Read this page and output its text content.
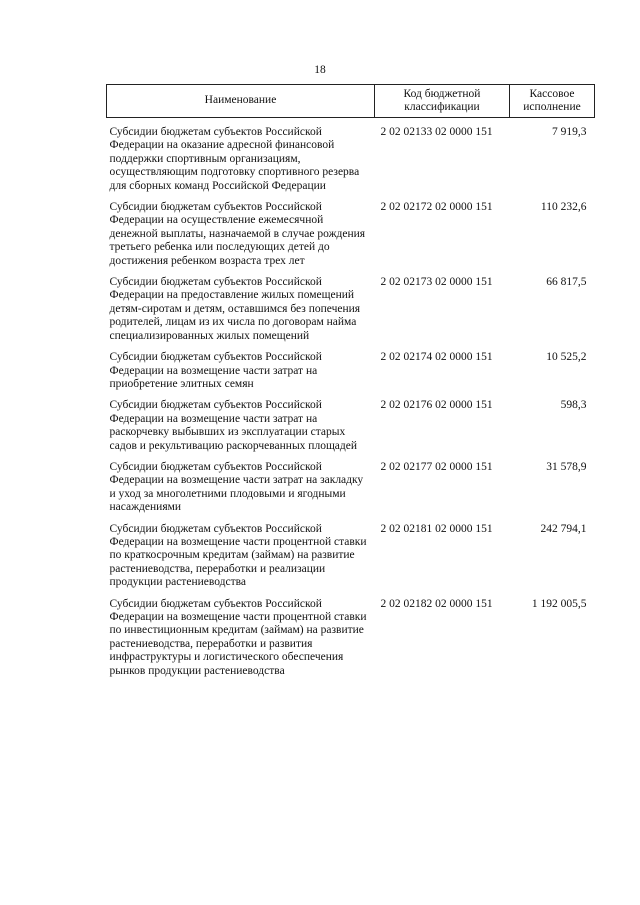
18
Наименование	Код бюджетной классификации	Кассовое исполнение
Субсидии бюджетам субъектов Российской Федерации на оказание адресной финансовой поддержки спортивным организациям, осуществляющим подготовку спортивного резерва для сборных команд Российской Федерации	2 02 02133 02 0000 151	7 919,3
Субсидии бюджетам субъектов Российской Федерации на осуществление ежемесячной денежной выплаты, назначаемой в случае рождения третьего ребенка или последующих детей до достижения ребенком возраста трех лет	2 02 02172 02 0000 151	110 232,6
Субсидии бюджетам субъектов Российской Федерации на предоставление жилых помещений детям-сиротам и детям, оставшимся без попечения родителей, лицам из их числа по договорам найма специализированных жилых помещений	2 02 02173 02 0000 151	66 817,5
Субсидии бюджетам субъектов Российской Федерации на возмещение части затрат на приобретение элитных семян	2 02 02174 02 0000 151	10 525,2
Субсидии бюджетам субъектов Российской Федерации на возмещение части затрат на раскорчевку выбывших из эксплуатации старых садов и рекультивацию раскорчеванных площадей	2 02 02176 02 0000 151	598,3
Субсидии бюджетам субъектов Российской Федерации на возмещение части затрат на закладку и уход за многолетними плодовыми и ягодными насаждениями	2 02 02177 02 0000 151	31 578,9
Субсидии бюджетам субъектов Российской Федерации на возмещение части процентной ставки по краткосрочным кредитам (займам) на развитие растениеводства, переработки и реализации продукции растениеводства	2 02 02181 02 0000 151	242 794,1
Субсидии бюджетам субъектов Российской Федерации на возмещение части процентной ставки по инвестиционным кредитам (займам) на развитие растениеводства, переработки и развития инфраструктуры и логистического обеспечения рынков продукции растениеводства	2 02 02182 02 0000 151	1 192 005,5
